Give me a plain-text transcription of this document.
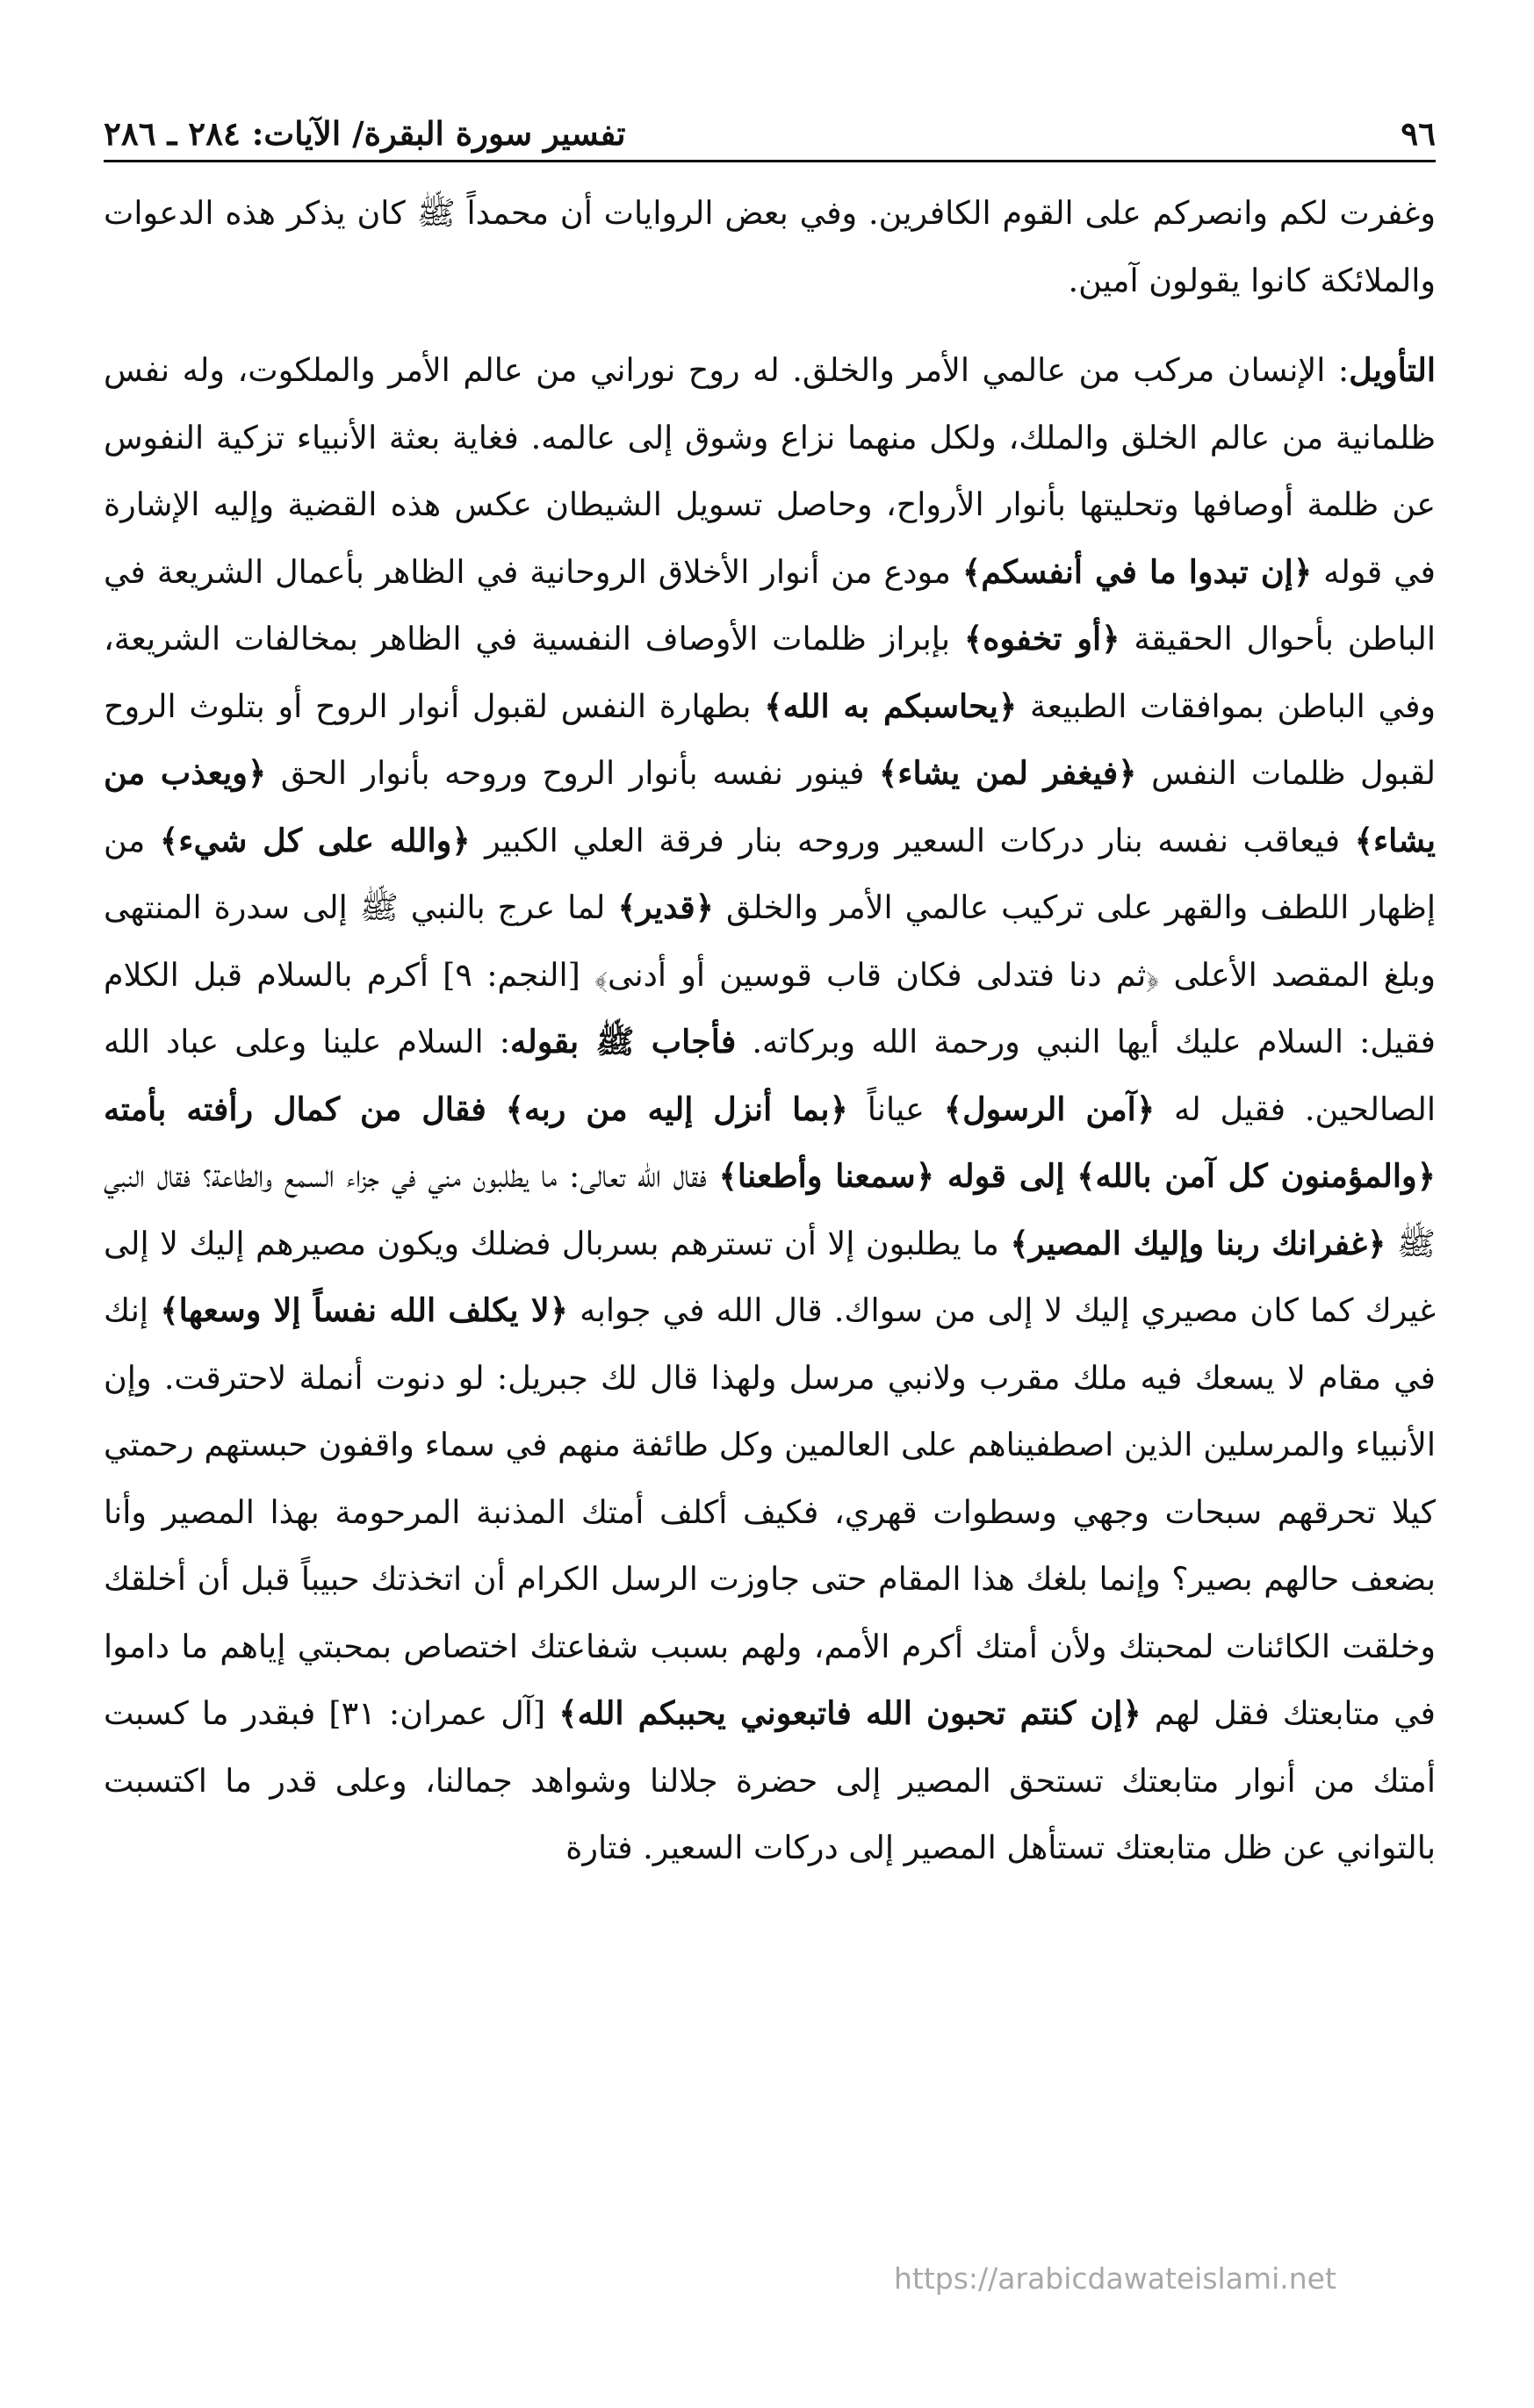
٩٦
تفسير سورة البقرة/ الآيات: ٢٨٤ ـ ٢٨٦

وغفرت لكم وانصركم على القوم الكافرين. وفي بعض الروايات أن محمداً ﷺ كان يذكر هذه الدعوات والملائكة كانوا يقولون آمين.

التأويل: الإنسان مركب من عالمي الأمر والخلق. له روح نوراني من عالم الأمر والملكوت، وله نفس ظلمانية من عالم الخلق والملك، ولكل منهما نزاع وشوق إلى عالمه. فغاية بعثة الأنبياء تزكية النفوس عن ظلمة أوصافها وتحليتها بأنوار الأرواح، وحاصل تسويل الشيطان عكس هذه القضية وإليه الإشارة في قوله ﴿إن تبدوا ما في أنفسكم﴾ مودع من أنوار الأخلاق الروحانية في الظاهر بأعمال الشريعة في الباطن بأحوال الحقيقة ﴿أو تخفوه﴾ بإبراز ظلمات الأوصاف النفسية في الظاهر بمخالفات الشريعة، وفي الباطن بموافقات الطبيعة ﴿يحاسبكم به الله﴾ بطهارة النفس لقبول أنوار الروح أو بتلوث الروح لقبول ظلمات النفس ﴿فيغفر لمن يشاء﴾ فينور نفسه بأنوار الروح وروحه بأنوار الحق ﴿ويعذب من يشاء﴾ فيعاقب نفسه بنار دركات السعير وروحه بنار فرقة العلي الكبير ﴿والله على كل شيء﴾ من إظهار اللطف والقهر على تركيب عالمي الأمر والخلق ﴿قدير﴾ لما عرج بالنبي ﷺ إلى سدرة المنتهى وبلغ المقصد الأعلى ﴿ثم دنا فتدلى فكان قاب قوسين أو أدنى﴾ [النجم: ٩] أكرم بالسلام قبل الكلام فقيل: السلام عليك أيها النبي ورحمة الله وبركاته. فأجاب ﷺ بقوله: السلام علينا وعلى عباد الله الصالحين. فقيل له ﴿آمن الرسول﴾ عياناً ﴿بما أنزل إليه من ربه﴾ فقال من كمال رأفته بأمته ﴿والمؤمنون كل آمن بالله﴾ إلى قوله ﴿سمعنا وأطعنا﴾ فقال الله تعالى: ما يطلبون مني في جزاء السمع والطاعة؟ فقال النبي ﷺ ﴿غفرانك ربنا وإليك المصير﴾ ما يطلبون إلا أن تسترهم بسربال فضلك ويكون مصيرهم إليك لا إلى غيرك كما كان مصيري إليك لا إلى من سواك. قال الله في جوابه ﴿لا يكلف الله نفساً إلا وسعها﴾ إنك في مقام لا يسعك فيه ملك مقرب ولانبي مرسل ولهذا قال لك جبريل: لو دنوت أنملة لاحترقت. وإن الأنبياء والمرسلين الذين اصطفيناهم على العالمين وكل طائفة منهم في سماء واقفون حبستهم رحمتي كيلا تحرقهم سبحات وجهي وسطوات قهري، فكيف أكلف أمتك المذنبة المرحومة بهذا المصير وأنا بضعف حالهم بصير؟ وإنما بلغك هذا المقام حتى جاوزت الرسل الكرام أن اتخذتك حبيباً قبل أن أخلقك وخلقت الكائنات لمحبتك ولأن أمتك أكرم الأمم، ولهم بسبب شفاعتك اختصاص بمحبتي إياهم ما داموا في متابعتك فقل لهم ﴿إن كنتم تحبون الله فاتبعوني يحببكم الله﴾ [آل عمران: ٣١] فبقدر ما كسبت أمتك من أنوار متابعتك تستحق المصير إلى حضرة جلالنا وشواهد جمالنا، وعلى قدر ما اكتسبت بالتواني عن ظل متابعتك تستأهل المصير إلى دركات السعير. فتارة

https://arabicdawateislami.net
